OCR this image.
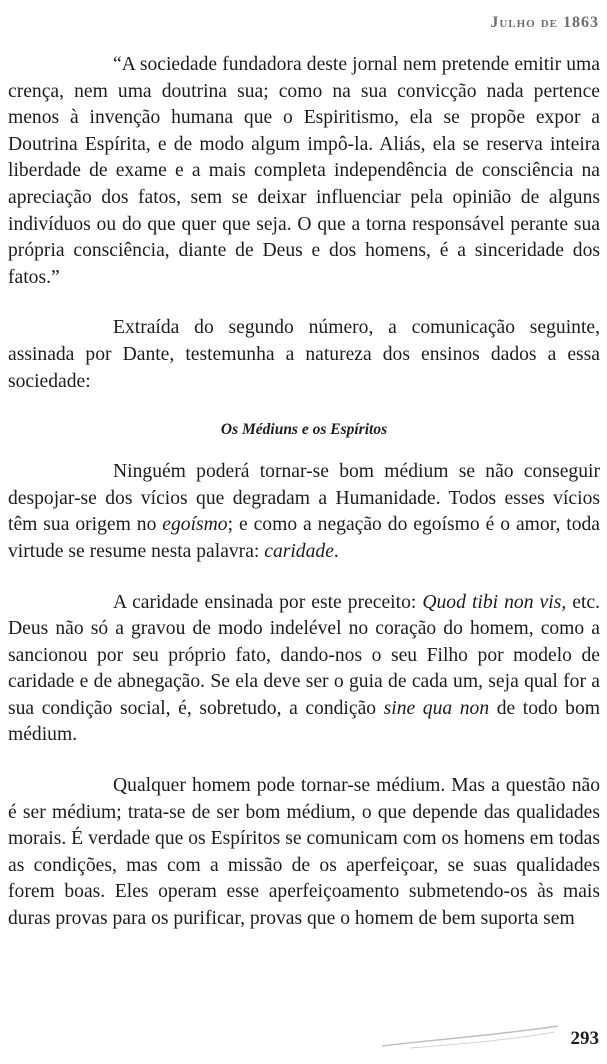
Julho de 1863

“A sociedade fundadora deste jornal nem pretende emitir uma crença, nem uma doutrina sua; como na sua convicção nada pertence menos à invenção humana que o Espiritismo, ela se propõe expor a Doutrina Espírita, e de modo algum impô-la. Aliás, ela se reserva inteira liberdade de exame e a mais completa independência de consciência na apreciação dos fatos, sem se deixar influenciar pela opinião de alguns indivíduos ou do que quer que seja. O que a torna responsável perante sua própria consciência, diante de Deus e dos homens, é a sinceridade dos fatos.”

Extraída do segundo número, a comunicação seguinte, assinada por Dante, testemunha a natureza dos ensinos dados a essa sociedade:

Os Médiuns e os Espíritos

Ninguém poderá tornar-se bom médium se não conseguir despojar-se dos vícios que degradam a Humanidade. Todos esses vícios têm sua origem no egoísmo; e como a negação do egoísmo é o amor, toda virtude se resume nesta palavra: caridade.

A caridade ensinada por este preceito: Quod tibi non vis, etc. Deus não só a gravou de modo indelével no coração do homem, como a sancionou por seu próprio fato, dando-nos o seu Filho por modelo de caridade e de abnegação. Se ela deve ser o guia de cada um, seja qual for a sua condição social, é, sobretudo, a condição sine qua non de todo bom médium.

Qualquer homem pode tornar-se médium. Mas a questão não é ser médium; trata-se de ser bom médium, o que depende das qualidades morais. É verdade que os Espíritos se comunicam com os homens em todas as condições, mas com a missão de os aperfeiçoar, se suas qualidades forem boas. Eles operam esse aperfeiçoamento submetendo-os às mais duras provas para os purificar, provas que o homem de bem suporta sem

293
